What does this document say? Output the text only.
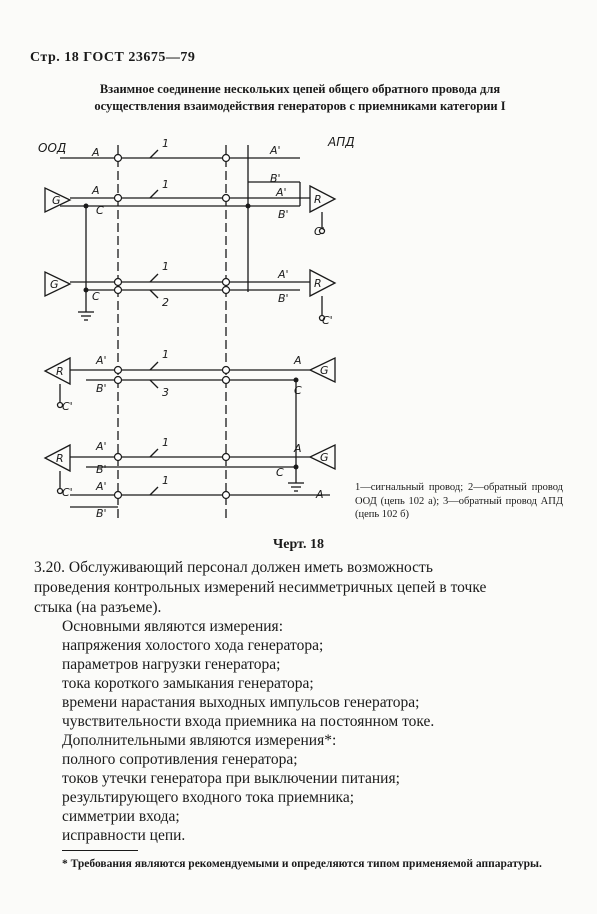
Стр. 18 ГОСТ 23675—79
Взаимное соединение нескольких цепей общего обратного провода для
осуществления взаимодействия генераторов с приемниками категории I
ООД	АПД
A	A'
A
C
B'
A'
B'
C'
A'
C	B'
C'
A'
B'
A
C
C'
A'
B'
A
C
C' A'
B'
A
G
G
G
G
R
R
R
R
1
1
1
2
1
3
1
1
1—сигнальный провод; 2—обратный провод ООД (цепь 102 а); 3—обратный провод АПД (цепь 102 б)
Черт. 18
3.20. Обслуживающий персонал должен иметь возможность
проведения контрольных измерений несимметричных цепей в точке
стыка (на разъеме).
Основными являются измерения:
напряжения холостого хода генератора;
параметров нагрузки генератора;
тока короткого замыкания генератора;
времени нарастания выходных импульсов генератора;
чувствительности входа приемника на постоянном токе.
Дополнительными являются измерения*:
полного сопротивления генератора;
токов утечки генератора при выключении питания;
результирующего входного тока приемника;
симметрии входа;
исправности цепи.
* Требования являются рекомендуемыми и определяются типом применяемой аппаратуры.
